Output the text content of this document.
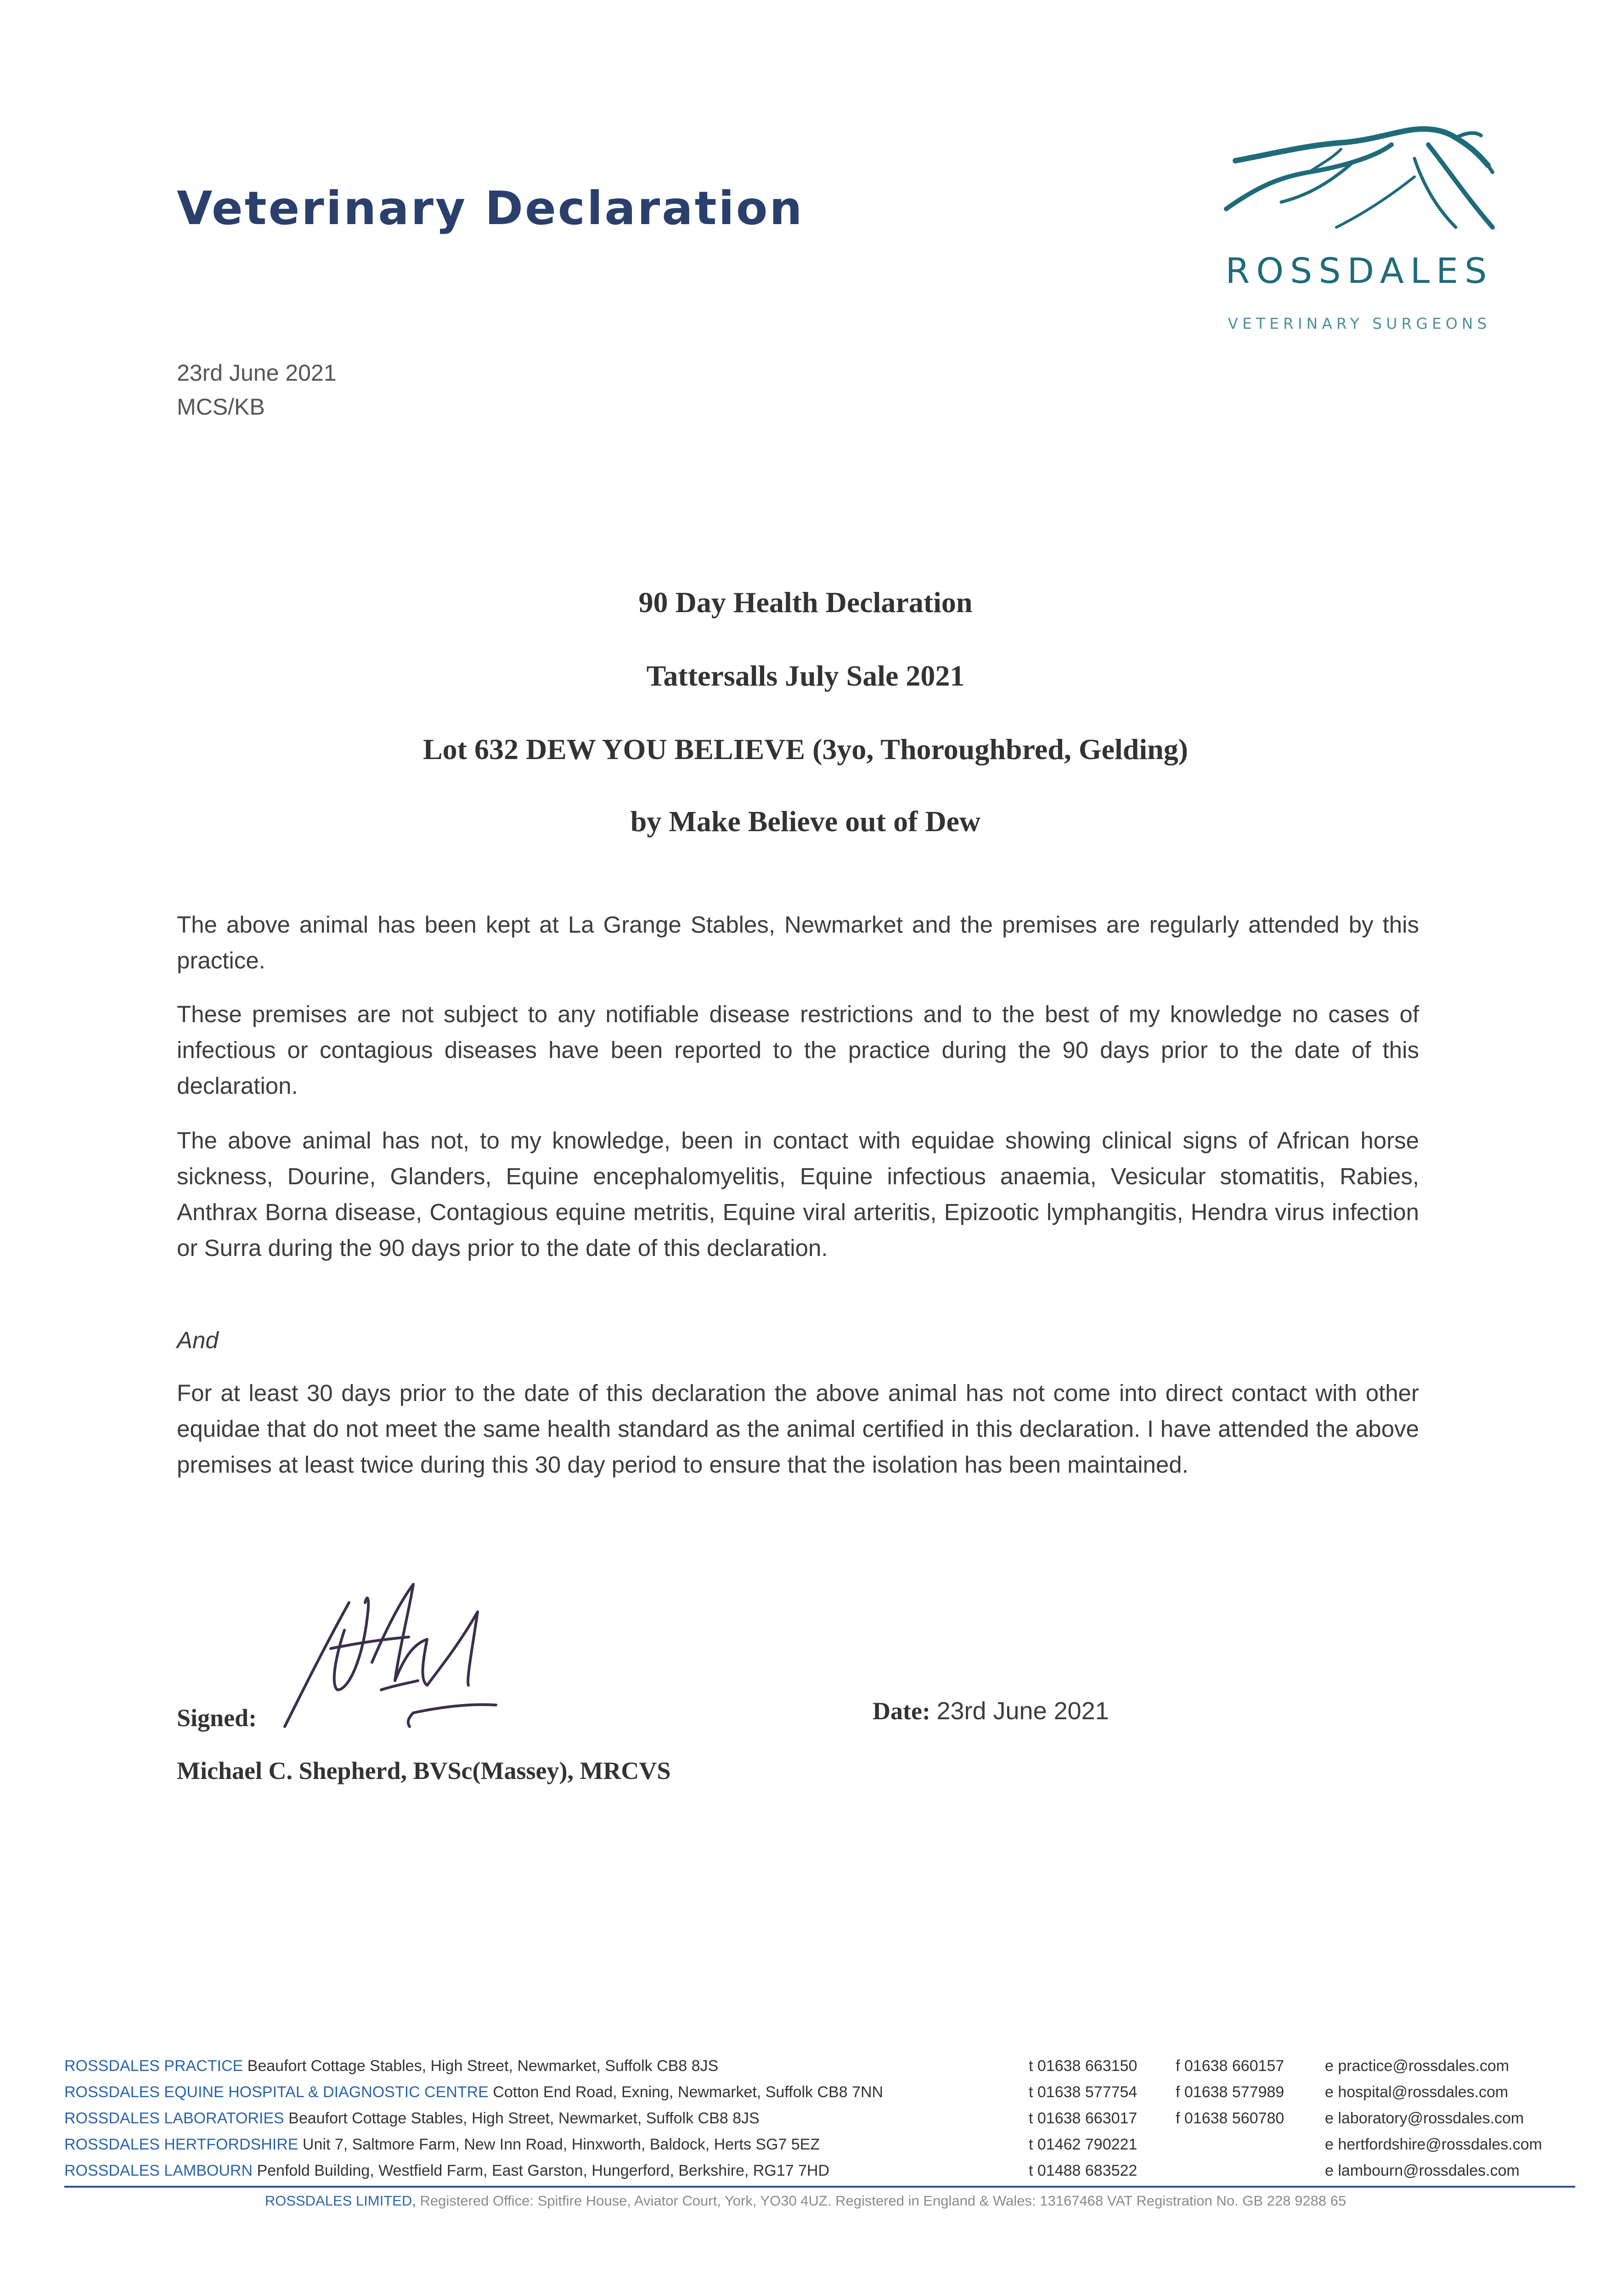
Veterinary Declaration
ROSSDALES
VETERINARY SURGEONS
23rd June 2021
MCS/KB
90 Day Health Declaration
Tattersalls July Sale 2021
Lot 632 DEW YOU BELIEVE (3yo, Thoroughbred, Gelding)
by Make Believe out of Dew
The above animal has been kept at La Grange Stables, Newmarket and the premises are regularly attended by this practice.
These premises are not subject to any notifiable disease restrictions and to the best of my knowledge no cases of infectious or contagious diseases have been reported to the practice during the 90 days prior to the date of this declaration.
The above animal has not, to my knowledge, been in contact with equidae showing clinical signs of African horse sickness, Dourine, Glanders, Equine encephalomyelitis, Equine infectious anaemia, Vesicular stomatitis, Rabies, Anthrax Borna disease, Contagious equine metritis, Equine viral arteritis, Epizootic lymphangitis, Hendra virus infection or Surra during the 90 days prior to the date of this declaration.
And
For at least 30 days prior to the date of this declaration the above animal has not come into direct contact with other equidae that do not meet the same health standard as the animal certified in this declaration. I have attended the above premises at least twice during this 30 day period to ensure that the isolation has been maintained.
Signed:	Date: 23rd June 2021
Michael C. Shepherd, BVSc(Massey), MRCVS
ROSSDALES PRACTICE Beaufort Cottage Stables, High Street, Newmarket, Suffolk CB8 8JS	t 01638 663150 f 01638 660157	e practice@rossdales.com
ROSSDALES EQUINE HOSPITAL & DIAGNOSTIC CENTRE Cotton End Road, Exning, Newmarket, Suffolk CB8 7NN	t 01638 577754 f 01638 577989	e hospital@rossdales.com
ROSSDALES LABORATORIES Beaufort Cottage Stables, High Street, Newmarket, Suffolk CB8 8JS	t 01638 663017 f 01638 560780	e laboratory@rossdales.com
ROSSDALES HERTFORDSHIRE Unit 7, Saltmore Farm, New Inn Road, Hinxworth, Baldock, Herts SG7 5EZ	t 01462 790221	e hertfordshire@rossdales.com
ROSSDALES LAMBOURN Penfold Building, Westfield Farm, East Garston, Hungerford, Berkshire, RG17 7HD	t 01488 683522	e lambourn@rossdales.com
ROSSDALES LIMITED, Registered Office: Spitfire House, Aviator Court, York, YO30 4UZ. Registered in England & Wales: 13167468 VAT Registration No. GB 228 9288 65
